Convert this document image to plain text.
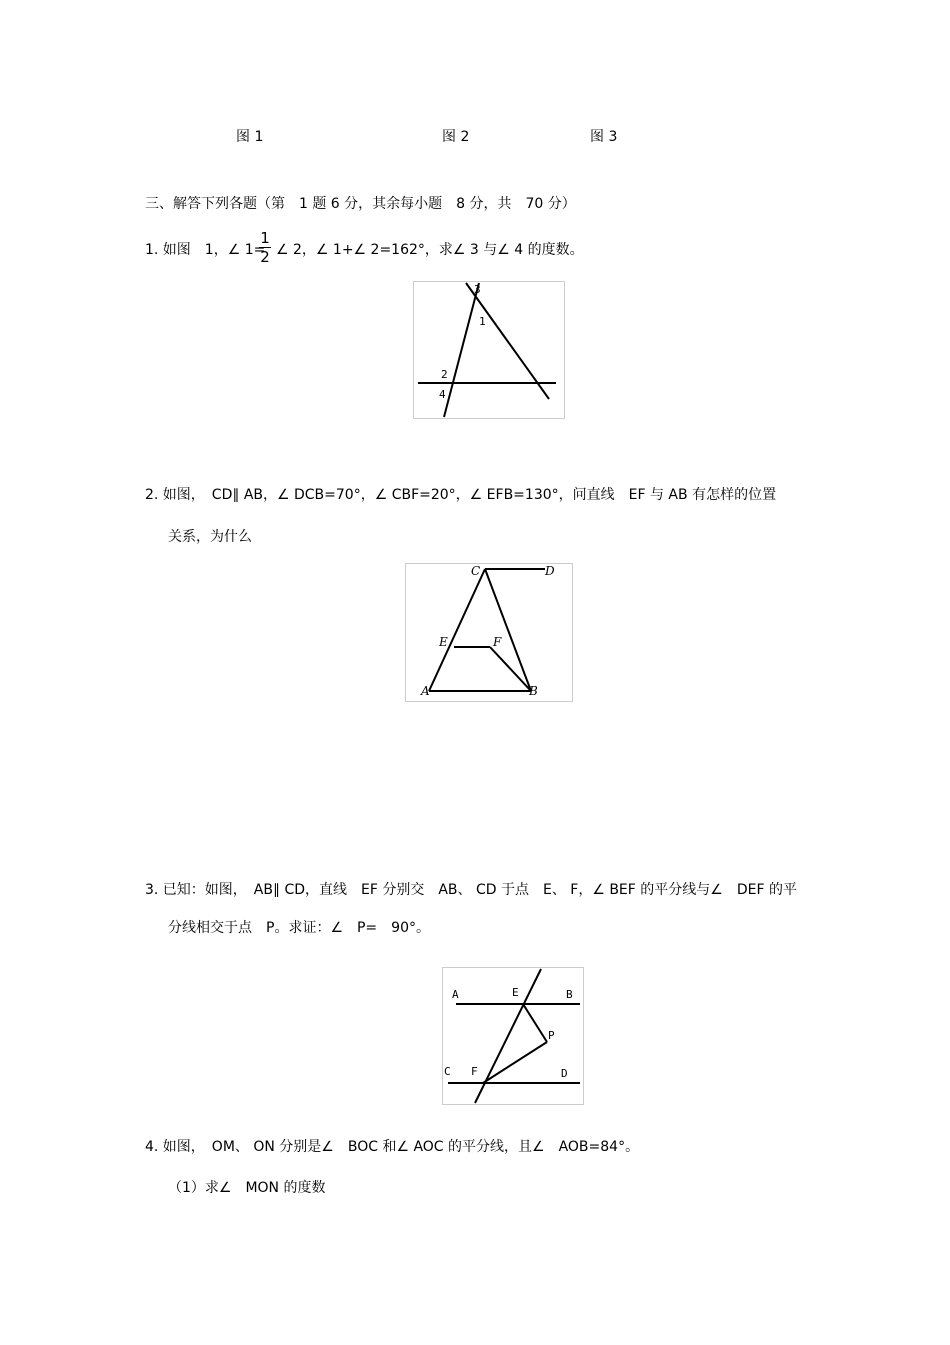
图 1	图 2	图 3
三、解答下列各题（第　1 题 6 分，其余每小题　8 分，共　70 分）
1. 如图　1，∠ 1=
1
2 ∠ 2，∠ 1+∠ 2=162°，求∠ 3 与∠ 4 的度数。
3
1
2
4
2. 如图，　CD∥ AB，∠ DCB=70°，∠ CBF=20°，∠ EFB=130°，问直线　EF 与 AB 有怎样的位置
关系，为什么
C	D
E	F
A	B
3. 已知：如图，　AB∥ CD，直线　EF 分别交　AB、 CD 于点　E、 F，∠ BEF 的平分线与∠　DEF 的平
分线相交于点　P。求证：∠　P=　90°。
A	E	B
P
C F	D
4. 如图，　OM、 ON 分别是∠　BOC 和∠ AOC 的平分线，且∠　AOB=84°。
（1）求∠　MON 的度数
